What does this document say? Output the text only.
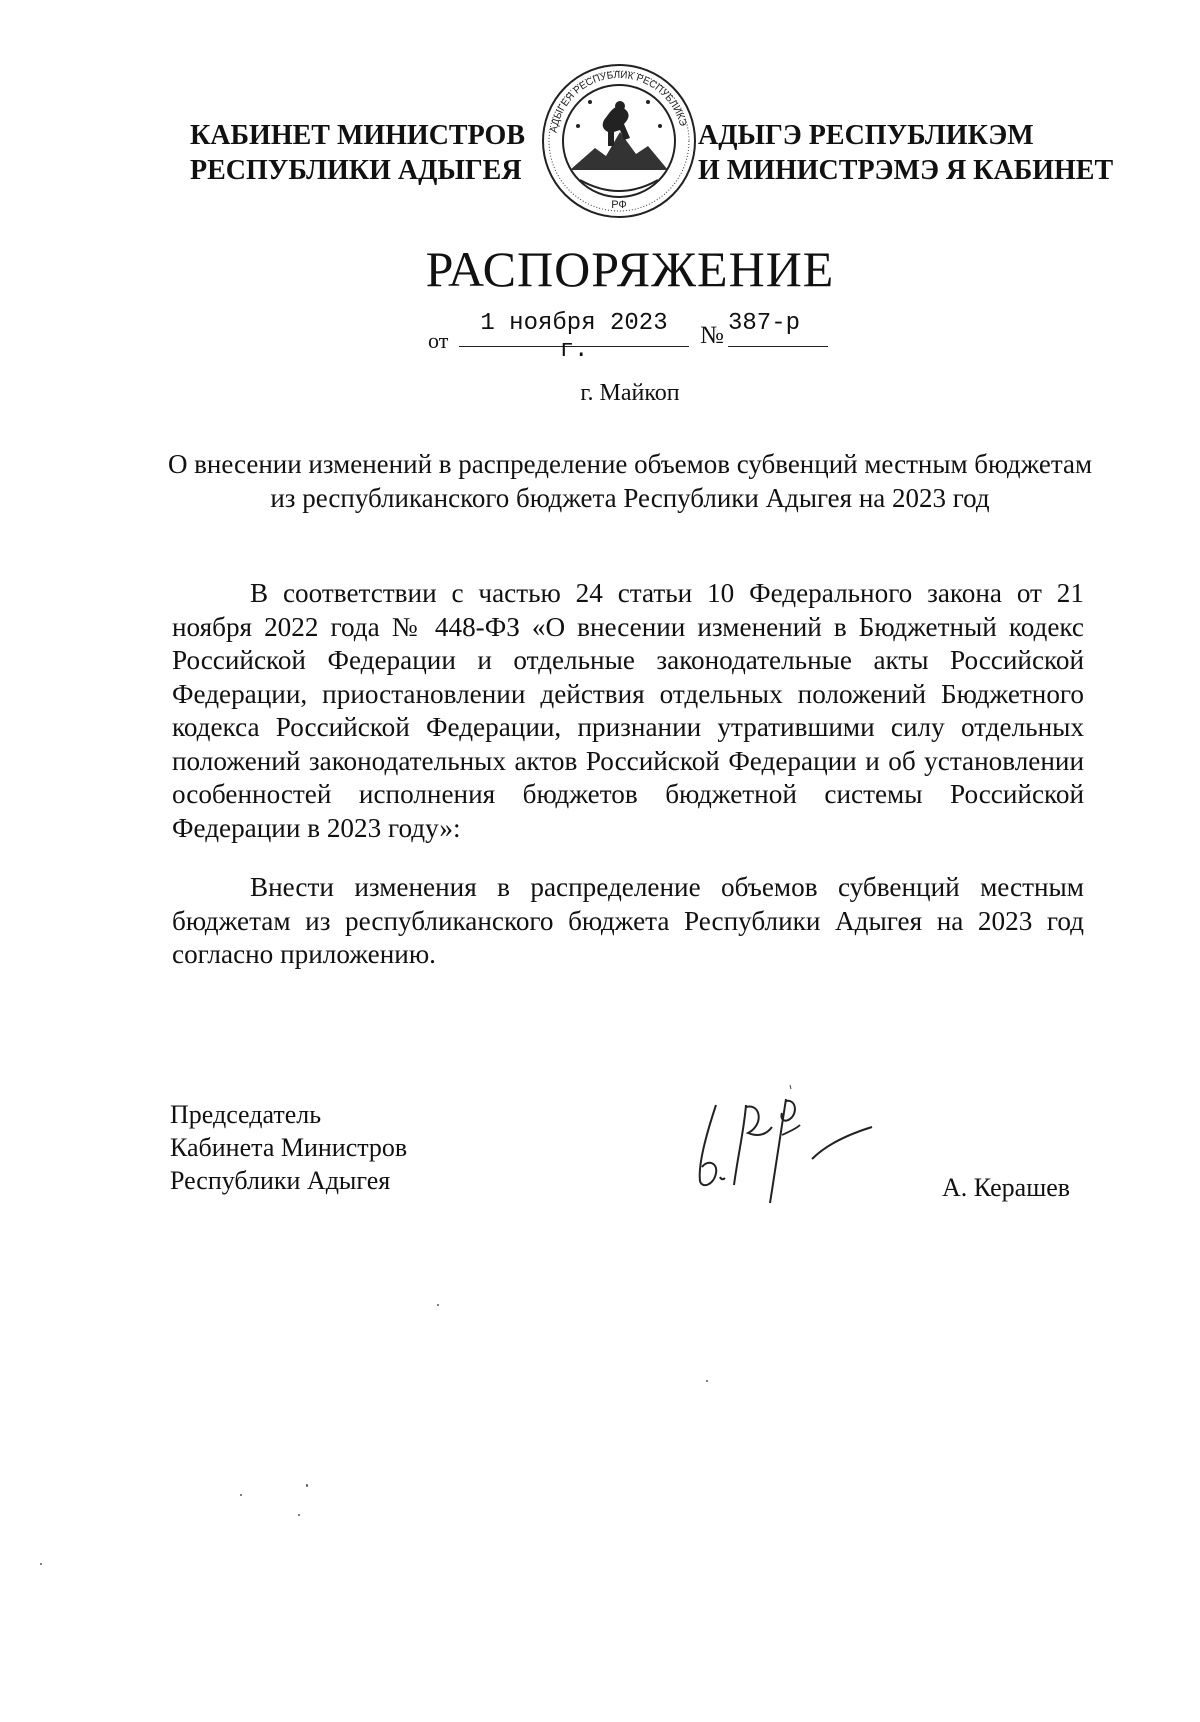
КАБИНЕТ МИНИСТРОВ
РЕСПУБЛИКИ АДЫГЕЯ
АДЫГЕЯ РЕСПУБЛИК РЕСПУБЛИКЭ
РФ
АДЫГЭ РЕСПУБЛИКЭМ
И МИНИСТРЭМЭ Я КАБИНЕТ
РАСПОРЯЖЕНИЕ
от
1 ноября 2023 г.
№ 387-р
г. Майкоп
О внесении изменений в распределение объемов субвенций местным бюджетам из республиканского бюджета Республики Адыгея на 2023 год
В соответствии с частью 24 статьи 10 Федерального закона от 21 ноября 2022 года № 448-ФЗ «О внесении изменений в Бюджетный кодекс Российской Федерации и отдельные законодательные акты Российской Федерации, приостановлении действия отдельных положений Бюджетного кодекса Российской Федерации, признании утратившими силу отдельных положений законодательных актов Российской Федерации и об установлении особенностей исполнения бюджетов бюджетной системы Российской Федерации в 2023 году»:
Внести изменения в распределение объемов субвенций местным бюджетам из республиканского бюджета Республики Адыгея на 2023 год согласно приложению.
Председатель
Кабинета Министров
Республики Адыгея	А. Керашев
